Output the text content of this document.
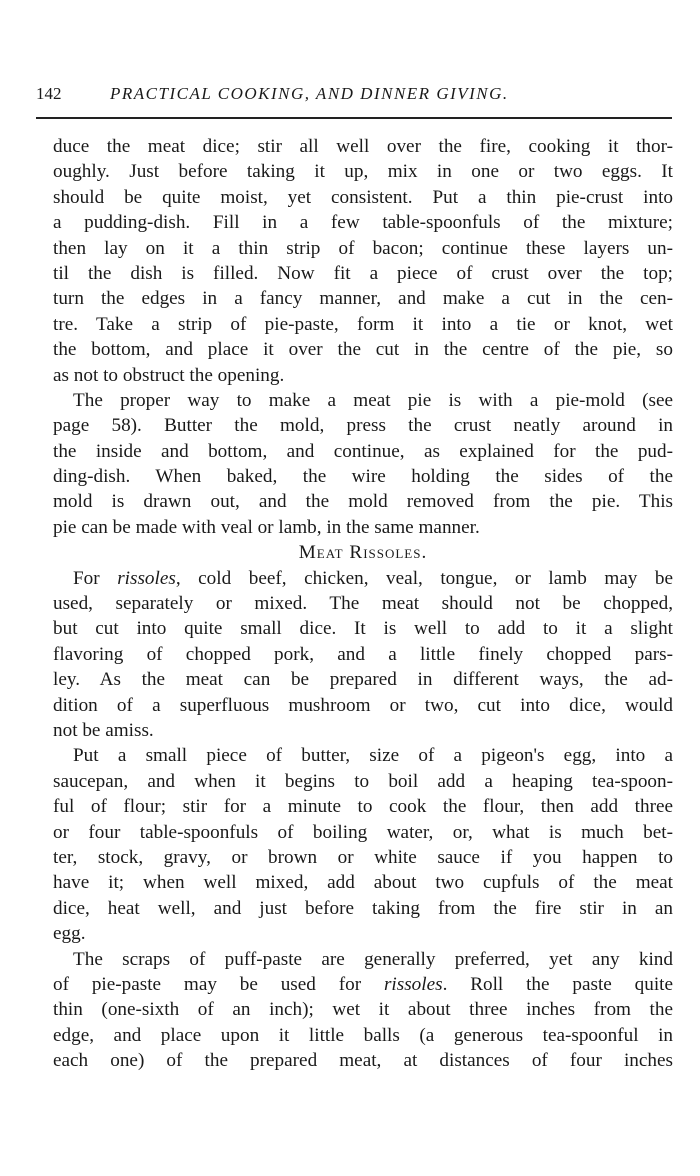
142	PRACTICAL COOKING, AND DINNER GIVING.
duce the meat dice; stir all well over the fire, cooking it thor-
oughly. Just before taking it up, mix in one or two eggs. It
should be quite moist, yet consistent. Put a thin pie-crust into
a pudding-dish. Fill in a few table-spoonfuls of the mixture;
then lay on it a thin strip of bacon; continue these layers un-
til the dish is filled. Now fit a piece of crust over the top;
turn the edges in a fancy manner, and make a cut in the cen-
tre. Take a strip of pie-paste, form it into a tie or knot, wet
the bottom, and place it over the cut in the centre of the pie, so
as not to obstruct the opening.
The proper way to make a meat pie is with a pie-mold (see
page 58). Butter the mold, press the crust neatly around in
the inside and bottom, and continue, as explained for the pud-
ding-dish. When baked, the wire holding the sides of the
mold is drawn out, and the mold removed from the pie. This
pie can be made with veal or lamb, in the same manner.
Meat Rissoles.
For rissoles, cold beef, chicken, veal, tongue, or lamb may be
used, separately or mixed. The meat should not be chopped,
but cut into quite small dice. It is well to add to it a slight
flavoring of chopped pork, and a little finely chopped pars-
ley. As the meat can be prepared in different ways, the ad-
dition of a superfluous mushroom or two, cut into dice, would
not be amiss.
Put a small piece of butter, size of a pigeon's egg, into a
saucepan, and when it begins to boil add a heaping tea-spoon-
ful of flour; stir for a minute to cook the flour, then add three
or four table-spoonfuls of boiling water, or, what is much bet-
ter, stock, gravy, or brown or white sauce if you happen to
have it; when well mixed, add about two cupfuls of the meat
dice, heat well, and just before taking from the fire stir in an
egg.
The scraps of puff-paste are generally preferred, yet any kind
of pie-paste may be used for rissoles. Roll the paste quite
thin (one-sixth of an inch); wet it about three inches from the
edge, and place upon it little balls (a generous tea-spoonful in
each one) of the prepared meat, at distances of four inches
